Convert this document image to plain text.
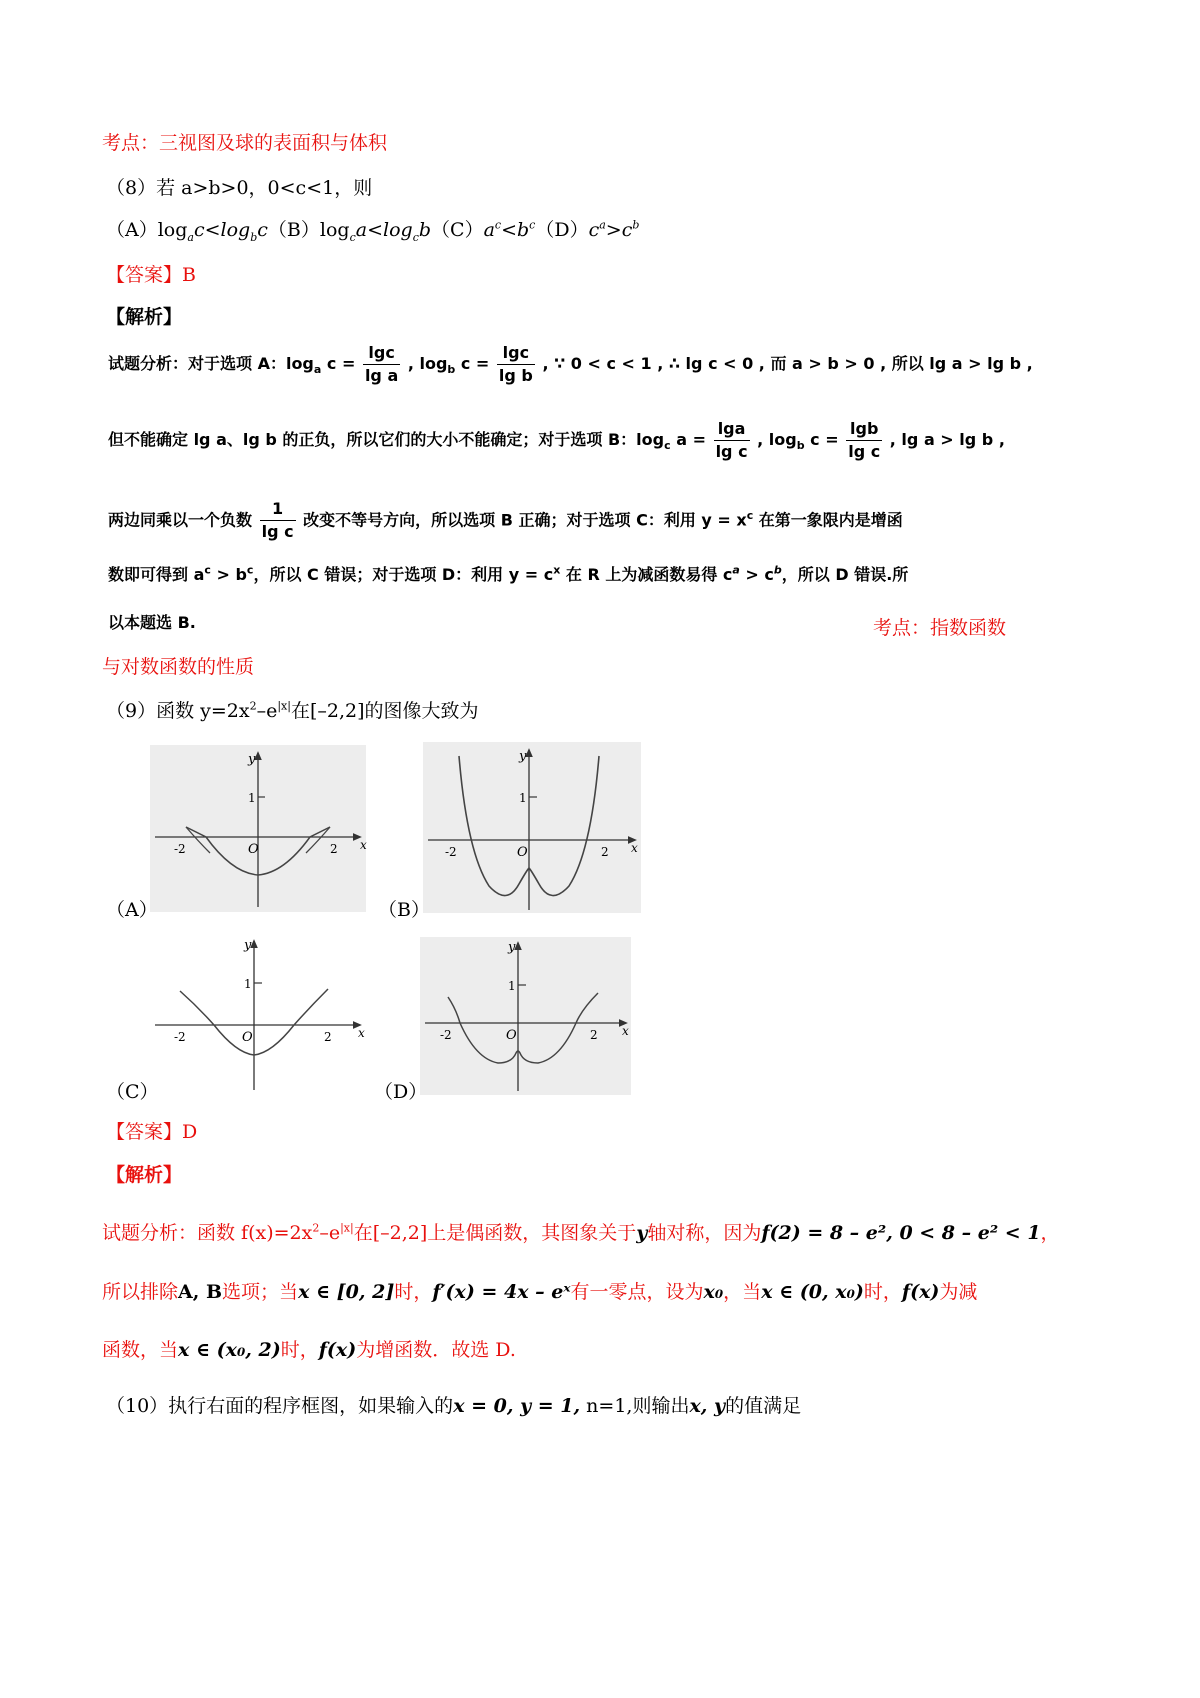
考点：三视图及球的表面积与体积
（8）若 a>b>0，0<c<1，则
$(A)\log_ac<\log_bc(B)\log_ca<\log_cb(C)a^c<b^c(D)c^a>c^b$
【答案】B
【解析】
试题分析：对于选项 A：$\log_a c = \frac{\lg c}{\text{lg a}}$ , $\log_b c = \frac{\lg c}{\text{lg b}}$ , ∵ 0 < c < 1 , ∴ lg c < 0 , 而 a > b > 0 , 所以 lg a > lg b ,
但不能确定 lg a、lg b 的正负，所以它们的大小不能确定；对于选项 B：$\log_c a = \frac{\lg a}{\text{lg c}}$ , $\log_b c = \frac{\lg b}{\text{lg c}}$ , lg a > lg b ,
两边同乘以一个负数 $\frac{1}{\text{lg c}}$ 改变不等号方向，所以选项 B 正确；对于选项 C：利用 $y = x^c$ 在第一象限内是增函
数即可得到 $a^c > b^c$，所以 C 错误；对于选项 D：利用 $y = c^x$ 在 R 上为减函数易得 $c^a > c^b$，所以 D 错误.所
以本题选 B.	考点：指数函数
与对数函数的性质
（9）函数 $y=2x^2-e^{|x|}$在[–2,2]的图像大致为
y
x
O
-2	2
1
（A）
y
x
O
-2	2
1
（B）
y
x
O
-2	2
1
（C）
y
x
O
-2	2
1
（D）
【答案】D
【解析】
试题分析：函数 $f(x)=2x^2-e^{|x|}$在[–2,2]上是偶函数，其图象关于y轴对称，因为f(2) = 8 – e², 0 < 8 – e² < 1，
所以排除A, B选项；当x ∈ [0, 2]时，f′(x) = 4x – eˣ有一零点，设为x₀，当x ∈ (0, x₀)时，f(x)为减
函数，当x ∈ (x₀, 2)时，f(x)为增函数．故选 D.
（10）执行右面的程序框图，如果输入的x = 0, y = 1, n=1,则输出x, y的值满足
